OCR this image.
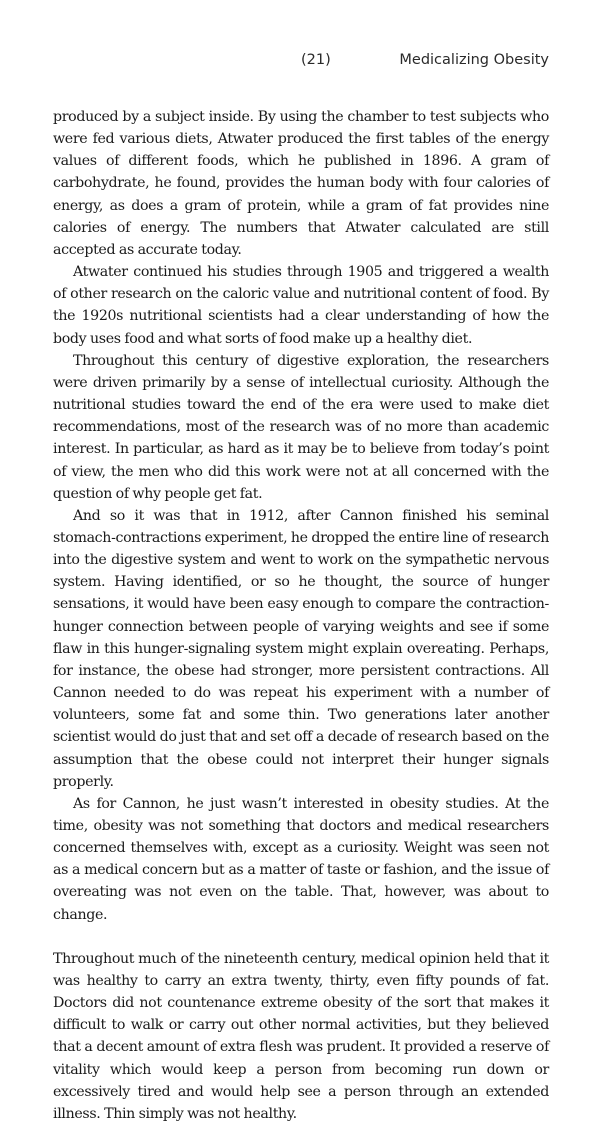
(21)	Medicalizing Obesity

produced by a subject inside. By using the chamber to test subjects who were fed various diets, Atwater produced the first tables of the energy values of different foods, which he published in 1896. A gram of carbohydrate, he found, provides the human body with four calories of energy, as does a gram of protein, while a gram of fat provides nine calories of energy. The numbers that Atwater calculated are still accepted as accurate today.

Atwater continued his studies through 1905 and triggered a wealth of other research on the caloric value and nutritional content of food. By the 1920s nutritional scientists had a clear understanding of how the body uses food and what sorts of food make up a healthy diet.

Throughout this century of digestive exploration, the researchers were driven primarily by a sense of intellectual curiosity. Although the nutritional studies toward the end of the era were used to make diet recommendations, most of the research was of no more than academic interest. In particular, as hard as it may be to believe from today’s point of view, the men who did this work were not at all concerned with the question of why people get fat.

And so it was that in 1912, after Cannon finished his seminal stomach-contractions experiment, he dropped the entire line of research into the digestive system and went to work on the sympathetic nervous system. Having identified, or so he thought, the source of hunger sensations, it would have been easy enough to compare the contraction-hunger connection between people of varying weights and see if some flaw in this hunger-signaling system might explain overeating. Perhaps, for instance, the obese had stronger, more persistent contractions. All Cannon needed to do was repeat his experiment with a number of volunteers, some fat and some thin. Two generations later another scientist would do just that and set off a decade of research based on the assumption that the obese could not interpret their hunger signals properly.

As for Cannon, he just wasn’t interested in obesity studies. At the time, obesity was not something that doctors and medical researchers concerned themselves with, except as a curiosity. Weight was seen not as a medical concern but as a matter of taste or fashion, and the issue of overeating was not even on the table. That, however, was about to change.

Throughout much of the nineteenth century, medical opinion held that it was healthy to carry an extra twenty, thirty, even fifty pounds of fat. Doctors did not countenance extreme obesity of the sort that makes it difficult to walk or carry out other normal activities, but they believed that a decent amount of extra flesh was prudent. It provided a reserve of vitality which would keep a person from becoming run down or excessively tired and would help see a person through an extended illness. Thin simply was not healthy.
